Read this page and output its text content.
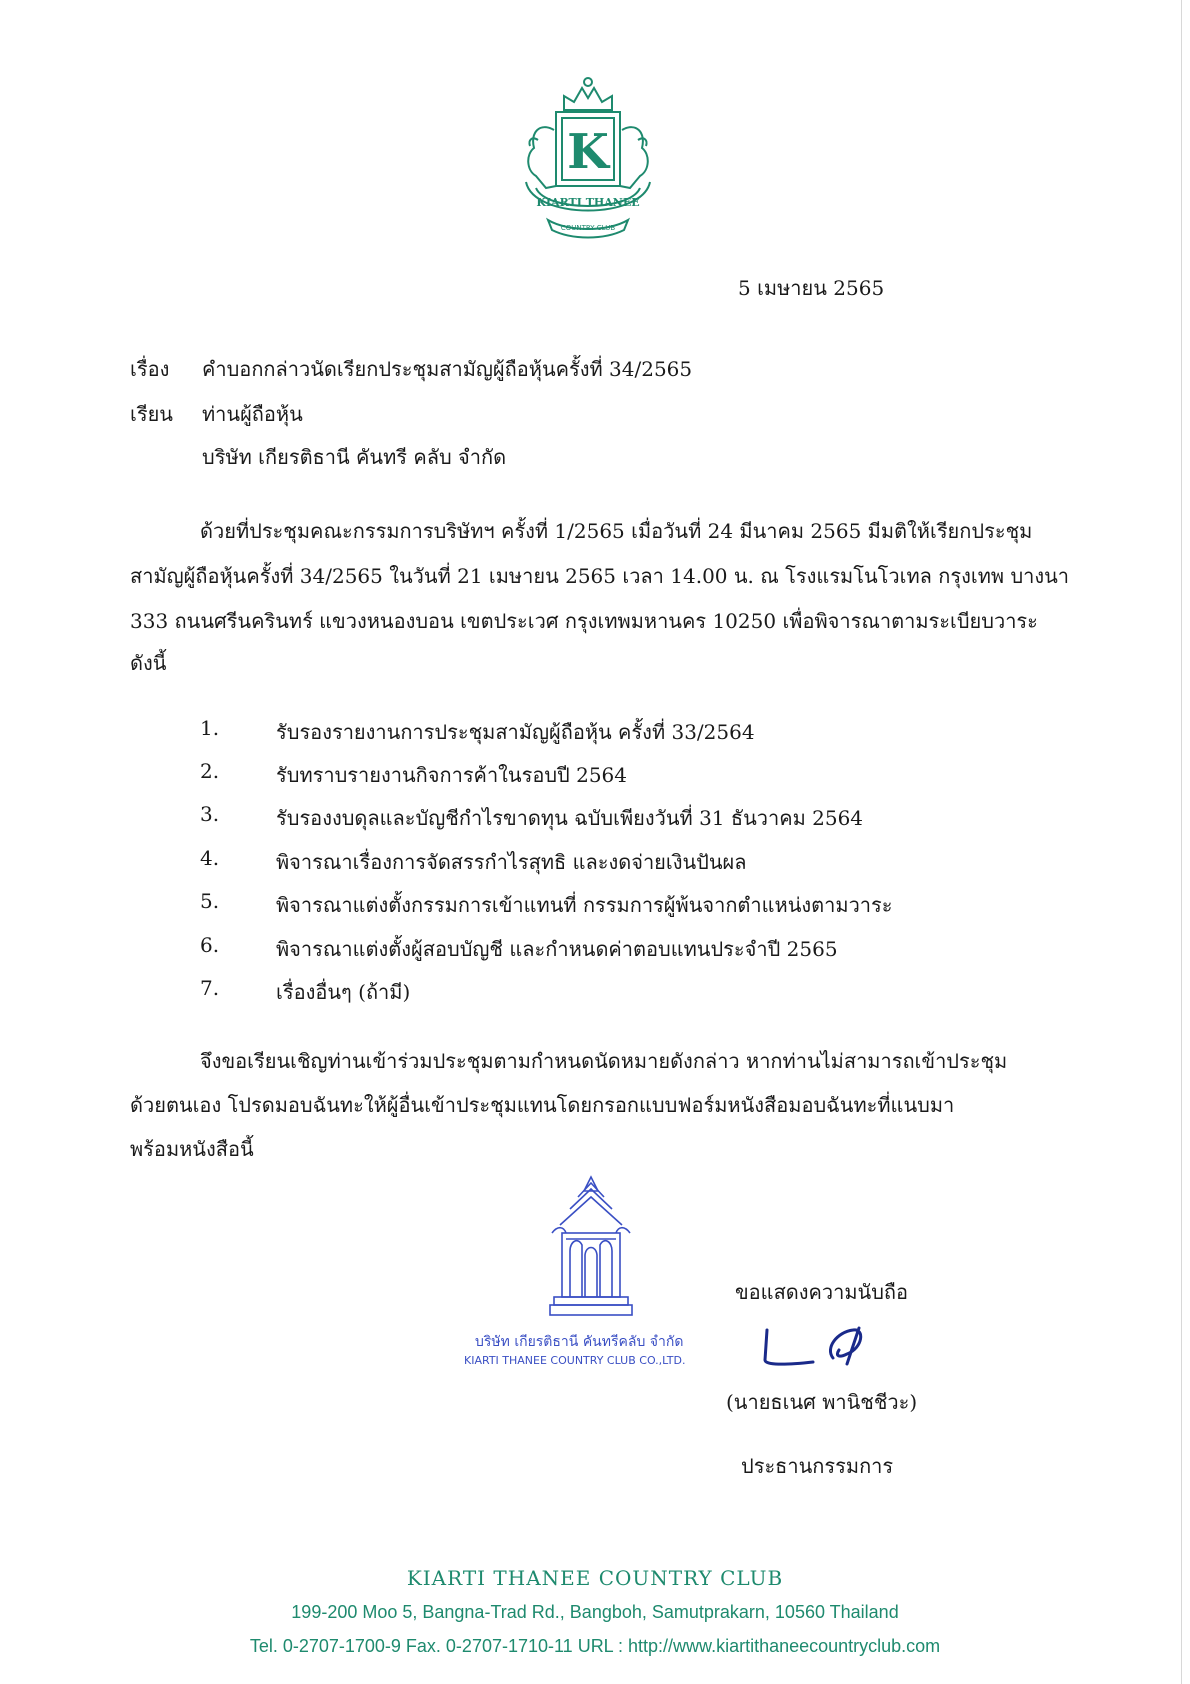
K
KIARTI THANEE
COUNTRY CLUB
5 เมษายน 2565
เรื่อง คำบอกกล่าวนัดเรียกประชุมสามัญผู้ถือหุ้นครั้งที่ 34/2565
เรียน ท่านผู้ถือหุ้น
บริษัท เกียรติธานี คันทรี คลับ จำกัด
ด้วยที่ประชุมคณะกรรมการบริษัทฯ ครั้งที่ 1/2565 เมื่อวันที่ 24 มีนาคม 2565 มีมติให้เรียกประชุม
สามัญผู้ถือหุ้นครั้งที่ 34/2565 ในวันที่ 21 เมษายน 2565 เวลา 14.00 น. ณ โรงแรมโนโวเทล กรุงเทพ บางนา
333 ถนนศรีนครินทร์ แขวงหนองบอน เขตประเวศ กรุงเทพมหานคร 10250 เพื่อพิจารณาตามระเบียบวาระ
ดังนี้
1.	รับรองรายงานการประชุมสามัญผู้ถือหุ้น ครั้งที่ 33/2564
2.	รับทราบรายงานกิจการค้าในรอบปี 2564
3.	รับรองงบดุลและบัญชีกำไรขาดทุน ฉบับเพียงวันที่ 31 ธันวาคม 2564
4.	พิจารณาเรื่องการจัดสรรกำไรสุทธิ และงดจ่ายเงินปันผล
5.	พิจารณาแต่งตั้งกรรมการเข้าแทนที่ กรรมการผู้พ้นจากตำแหน่งตามวาระ
6.	พิจารณาแต่งตั้งผู้สอบบัญชี และกำหนดค่าตอบแทนประจำปี 2565
7.	เรื่องอื่นๆ (ถ้ามี)
จึงขอเรียนเชิญท่านเข้าร่วมประชุมตามกำหนดนัดหมายดังกล่าว หากท่านไม่สามารถเข้าประชุม
ด้วยตนเอง โปรดมอบฉันทะให้ผู้อื่นเข้าประชุมแทนโดยกรอกแบบฟอร์มหนังสือมอบฉันทะที่แนบมา
พร้อมหนังสือนี้
บริษัท เกียรติธานี คันทรีคลับ จำกัด
KIARTI THANEE COUNTRY CLUB CO.,LTD.
ขอแสดงความนับถือ
(นายธเนศ พานิชชีวะ)
ประธานกรรมการ
KIARTI THANEE COUNTRY CLUB
199-200 Moo 5, Bangna-Trad Rd., Bangboh, Samutprakarn, 10560 Thailand
Tel. 0-2707-1700-9 Fax. 0-2707-1710-11 URL : http://www.kiartithaneecountryclub.com
